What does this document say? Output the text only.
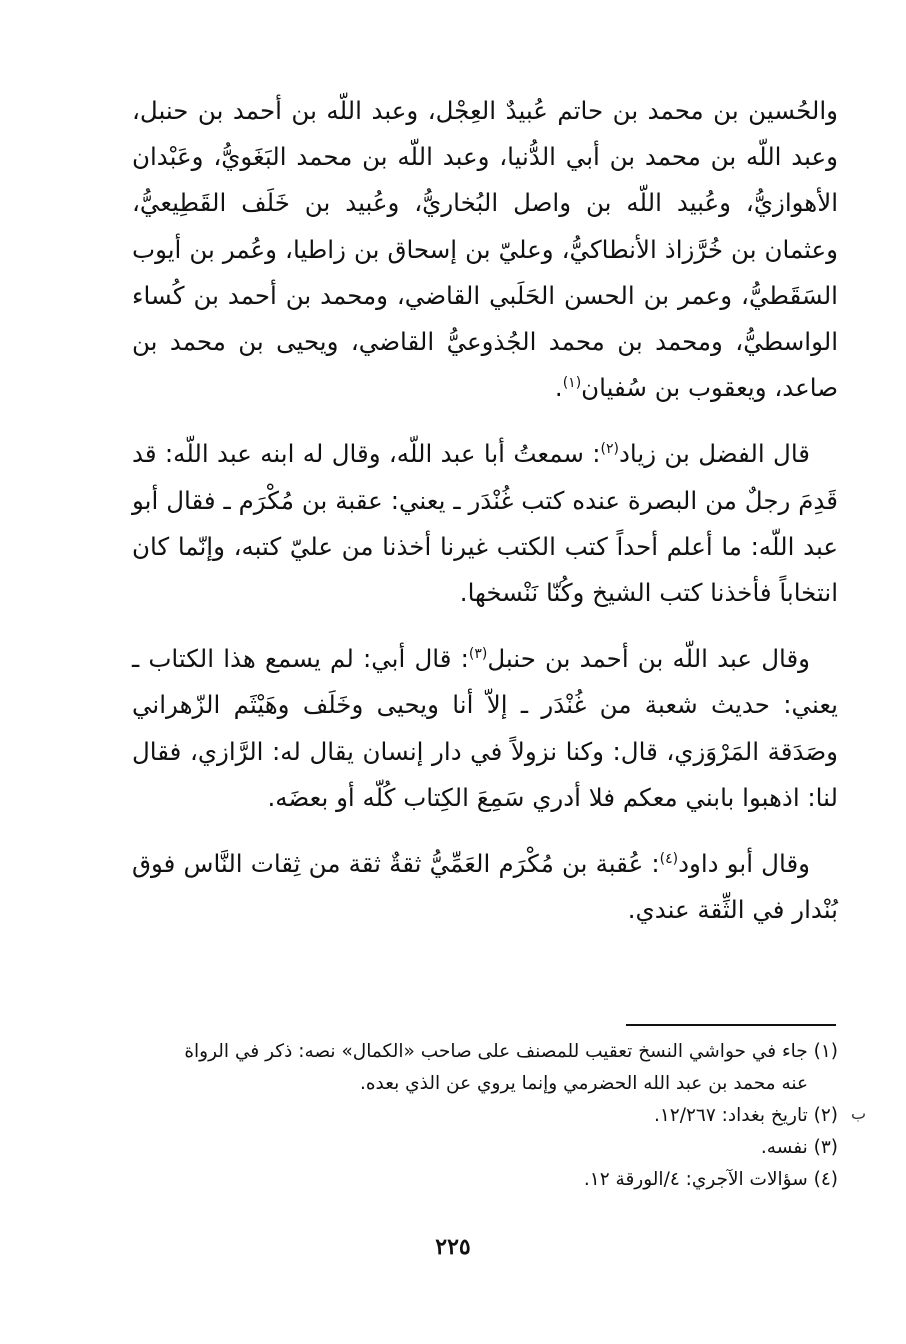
والحُسين بن محمد بن حاتم عُبيدٌ العِجْل، وعبد اللّه بن أحمد بن حنبل، وعبد اللّه بن محمد بن أبي الدُّنيا، وعبد اللّه بن محمد البَغَويُّ، وعَبْدان الأهوازيُّ، وعُبيد اللّه بن واصل البُخاريُّ، وعُبيد بن خَلَف القَطِيعيُّ، وعثمان بن خُرَّزاذ الأنطاكيُّ، وعليّ بن إسحاق بن زاطيا، وعُمر بن أيوب السَقَطيُّ، وعمر بن الحسن الحَلَبي القاضي، ومحمد بن أحمد بن كُساء الواسطيُّ، ومحمد بن محمد الجُذوعيُّ القاضي، ويحيى بن محمد بن صاعد، ويعقوب بن سُفيان$^{(١)}$.

قال الفضل بن زياد$^{(٢)}$: سمعتُ أبا عبد اللّه، وقال له ابنه عبد اللّه: قد قَدِمَ رجلٌ من البصرة عنده كتب غُنْدَر ـ يعني: عقبة بن مُكْرَم ـ فقال أبو عبد اللّه: ما أعلم أحداً كتب الكتب غيرنا أخذنا من عليّ كتبه، وإنّما كان انتخاباً فأخذنا كتب الشيخ وكُنّا نَنْسخها.

وقال عبد اللّه بن أحمد بن حنبل$^{(٣)}$: قال أبي: لم يسمع هذا الكتاب ـ يعني: حديث شعبة من غُنْدَر ـ إلاّ أنا ويحيى وخَلَف وهَيْثَم الزّهراني وصَدَقة المَرْوَزي، قال: وكنا نزولاً في دار إنسان يقال له: الرَّازي، فقال لنا: اذهبوا بابني معكم فلا أدري سَمِعَ الكِتاب كُلّه أو بعضَه.

وقال أبو داود$^{(٤)}$: عُقبة بن مُكْرَم العَمِّيُّ ثقةٌ ثقة من ثِقات النَّاس فوق بُنْدار في الثِّقة عندي.

(١) جاء في حواشي النسخ تعقيب للمصنف على صاحب «الكمال» نصه: ذكر في الرواة
عنه محمد بن عبد الله الحضرمي وإنما يروي عن الذي بعده.

(٢) تاريخ بغداد: ١٢/٢٦٧.

(٣) نفسه.

(٤) سؤالات الآجري: ٤/الورقة ١٢.

ب
٢٢٥
